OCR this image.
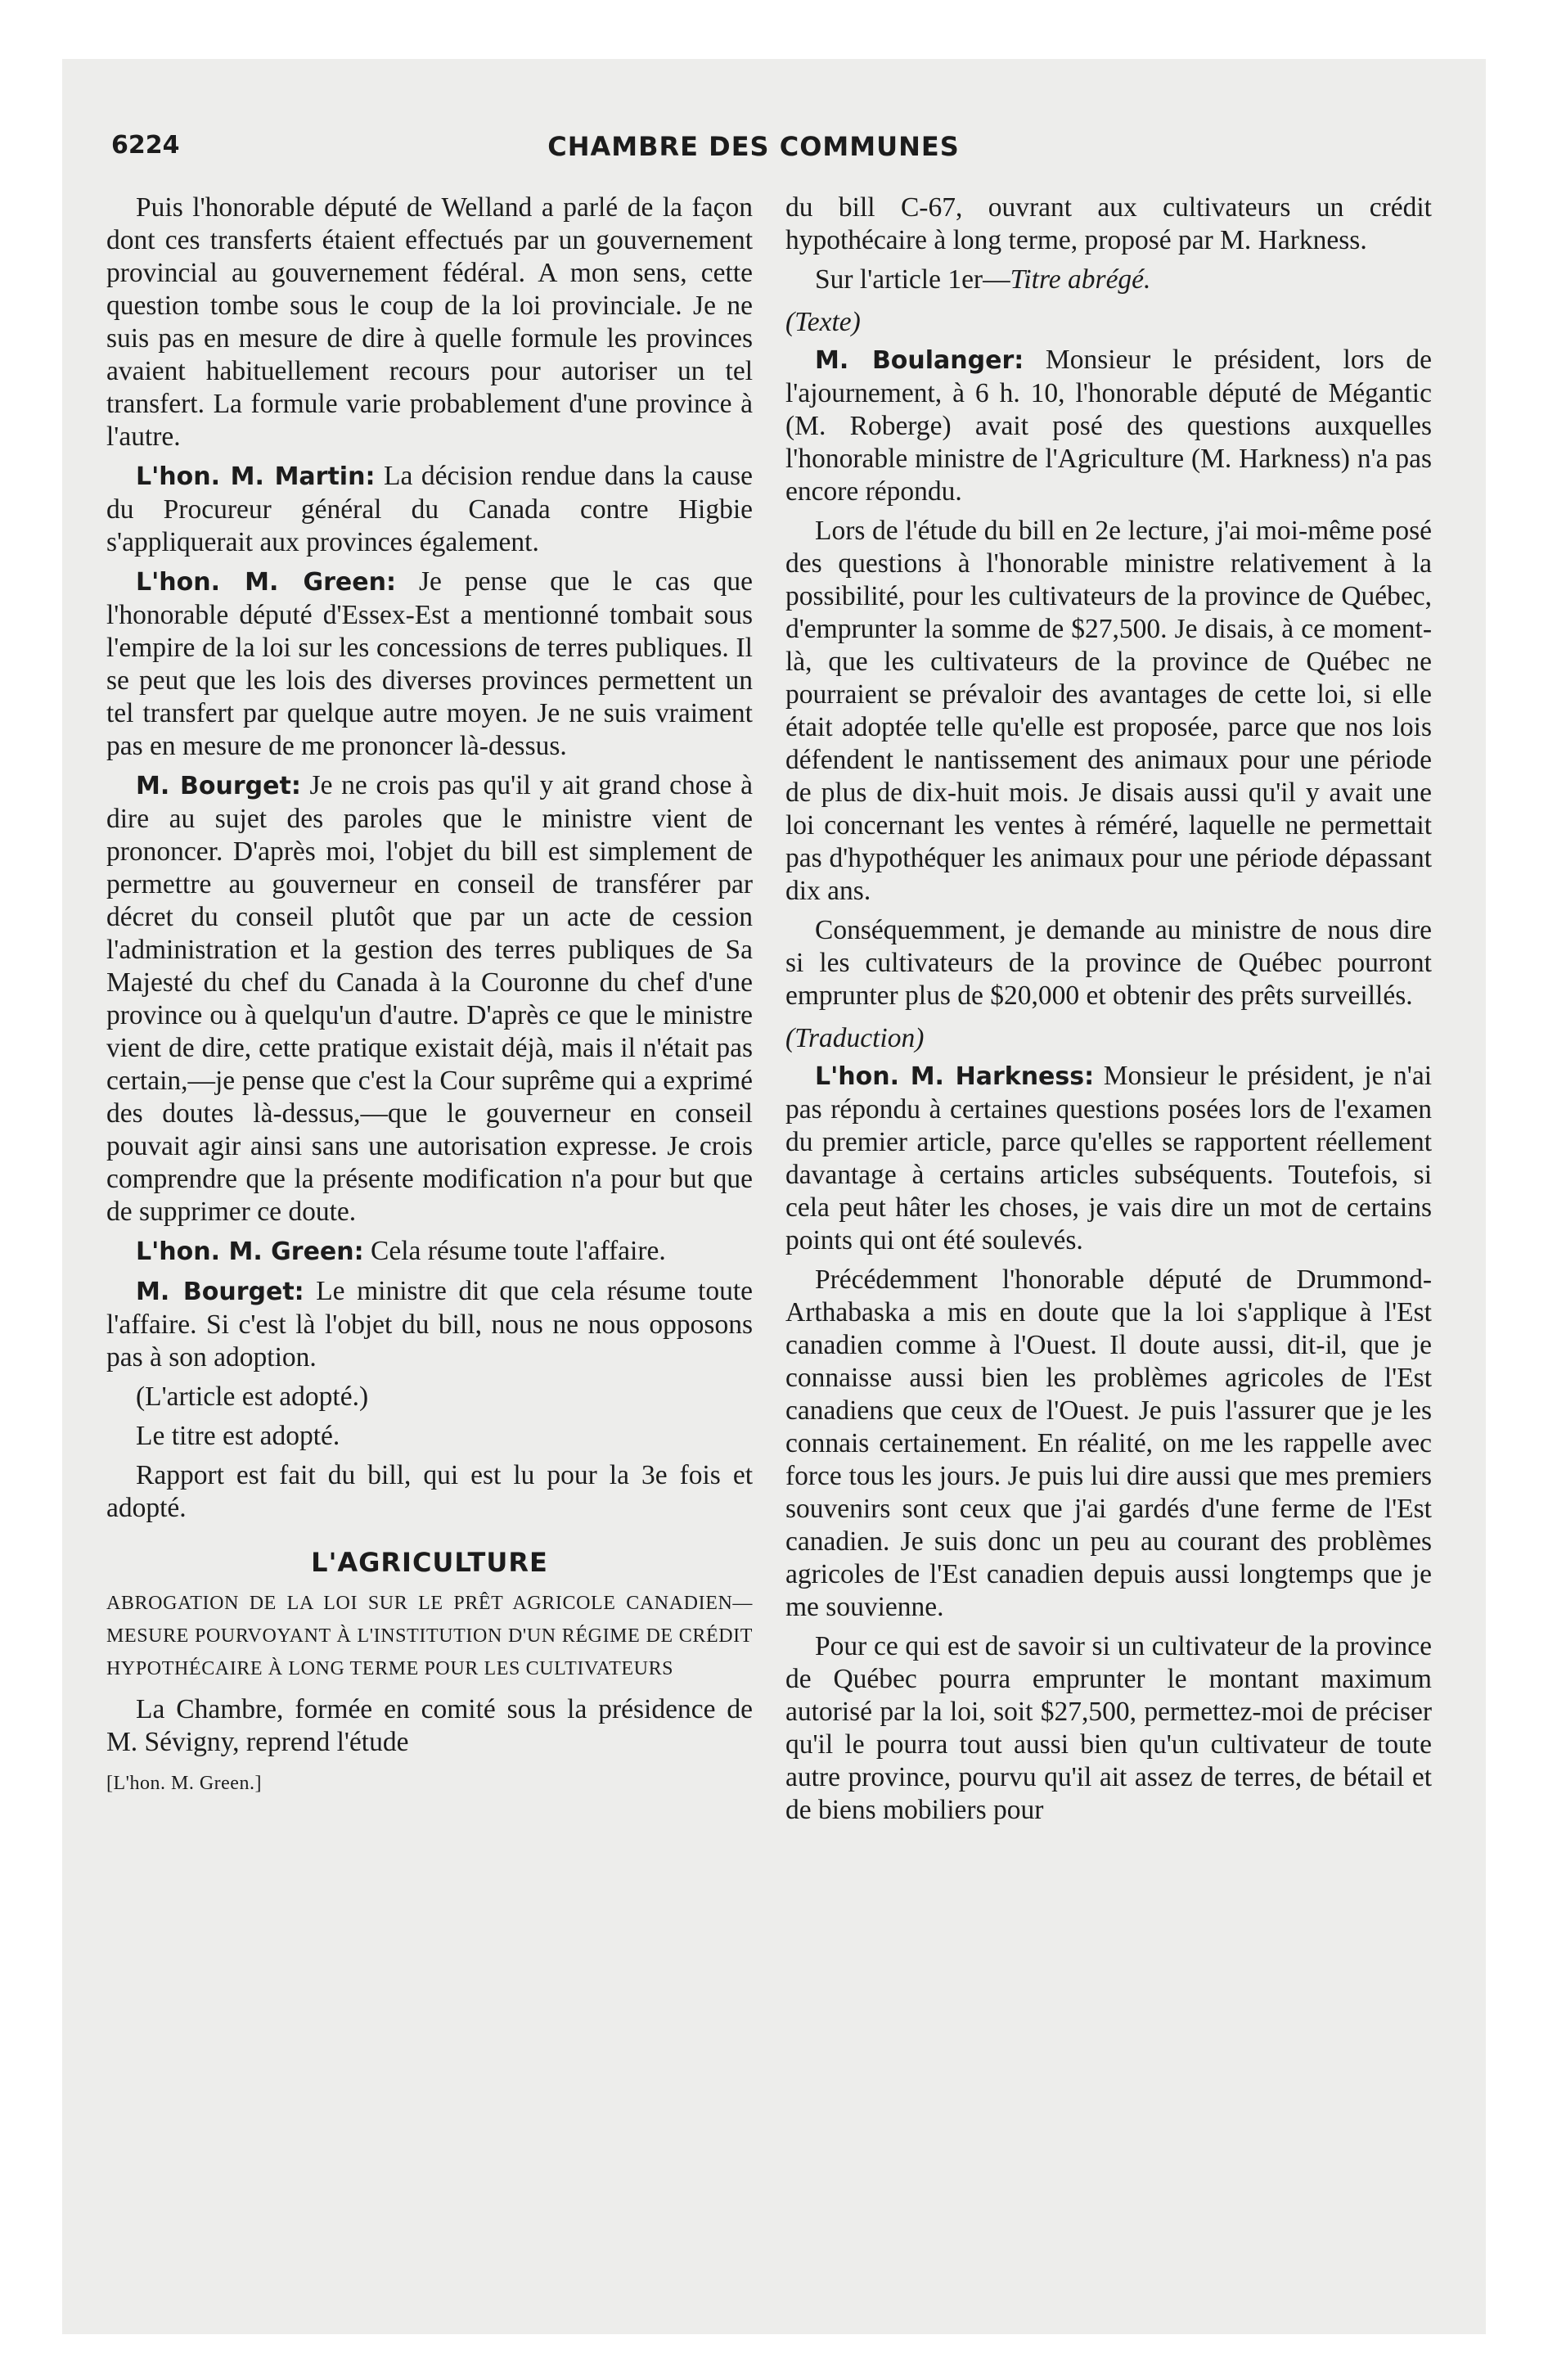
6224	CHAMBRE DES COMMUNES

Puis l'honorable député de Welland a parlé de la façon dont ces transferts étaient effectués par un gouvernement provincial au gouvernement fédéral. A mon sens, cette question tombe sous le coup de la loi provinciale. Je ne suis pas en mesure de dire à quelle formule les provinces avaient habituellement recours pour autoriser un tel transfert. La formule varie probablement d'une province à l'autre.

L'hon. M. Martin: La décision rendue dans la cause du Procureur général du Canada contre Higbie s'appliquerait aux provinces également.

L'hon. M. Green: Je pense que le cas que l'honorable député d'Essex-Est a mentionné tombait sous l'empire de la loi sur les concessions de terres publiques. Il se peut que les lois des diverses provinces permettent un tel transfert par quelque autre moyen. Je ne suis vraiment pas en mesure de me prononcer là-dessus.

M. Bourget: Je ne crois pas qu'il y ait grand chose à dire au sujet des paroles que le ministre vient de prononcer. D'après moi, l'objet du bill est simplement de permettre au gouverneur en conseil de transférer par décret du conseil plutôt que par un acte de cession l'administration et la gestion des terres publiques de Sa Majesté du chef du Canada à la Couronne du chef d'une province ou à quelqu'un d'autre. D'après ce que le ministre vient de dire, cette pratique existait déjà, mais il n'était pas certain,—je pense que c'est la Cour suprême qui a exprimé des doutes là-dessus,—que le gouverneur en conseil pouvait agir ainsi sans une autorisation expresse. Je crois comprendre que la présente modification n'a pour but que de supprimer ce doute.

L'hon. M. Green: Cela résume toute l'affaire.

M. Bourget: Le ministre dit que cela résume toute l'affaire. Si c'est là l'objet du bill, nous ne nous opposons pas à son adoption.

(L'article est adopté.)

Le titre est adopté.

Rapport est fait du bill, qui est lu pour la 3e fois et adopté.

L'AGRICULTURE
ABROGATION DE LA LOI SUR LE PRÊT AGRICOLE CANADIEN—MESURE POURVOYANT À L'INSTITUTION D'UN RÉGIME DE CRÉDIT HYPOTHÉCAIRE À LONG TERME POUR LES CULTIVATEURS

La Chambre, formée en comité sous la présidence de M. Sévigny, reprend l'étude

[L'hon. M. Green.]

du bill C-67, ouvrant aux cultivateurs un crédit hypothécaire à long terme, proposé par M. Harkness.

Sur l'article 1er—Titre abrégé.

(Texte)

M. Boulanger: Monsieur le président, lors de l'ajournement, à 6 h. 10, l'honorable député de Mégantic (M. Roberge) avait posé des questions auxquelles l'honorable ministre de l'Agriculture (M. Harkness) n'a pas encore répondu.

Lors de l'étude du bill en 2e lecture, j'ai moi-même posé des questions à l'honorable ministre relativement à la possibilité, pour les cultivateurs de la province de Québec, d'emprunter la somme de $27,500. Je disais, à ce moment-là, que les cultivateurs de la province de Québec ne pourraient se prévaloir des avantages de cette loi, si elle était adoptée telle qu'elle est proposée, parce que nos lois défendent le nantissement des animaux pour une période de plus de dix-huit mois. Je disais aussi qu'il y avait une loi concernant les ventes à réméré, laquelle ne permettait pas d'hypothéquer les animaux pour une période dépassant dix ans.

Conséquemment, je demande au ministre de nous dire si les cultivateurs de la province de Québec pourront emprunter plus de $20,000 et obtenir des prêts surveillés.

(Traduction)

L'hon. M. Harkness: Monsieur le président, je n'ai pas répondu à certaines questions posées lors de l'examen du premier article, parce qu'elles se rapportent réellement davantage à certains articles subséquents. Toutefois, si cela peut hâter les choses, je vais dire un mot de certains points qui ont été soulevés.

Précédemment l'honorable député de Drummond-Arthabaska a mis en doute que la loi s'applique à l'Est canadien comme à l'Ouest. Il doute aussi, dit-il, que je connaisse aussi bien les problèmes agricoles de l'Est canadiens que ceux de l'Ouest. Je puis l'assurer que je les connais certainement. En réalité, on me les rappelle avec force tous les jours. Je puis lui dire aussi que mes premiers souvenirs sont ceux que j'ai gardés d'une ferme de l'Est canadien. Je suis donc un peu au courant des problèmes agricoles de l'Est canadien depuis aussi longtemps que je me souvienne.

Pour ce qui est de savoir si un cultivateur de la province de Québec pourra emprunter le montant maximum autorisé par la loi, soit $27,500, permettez-moi de préciser qu'il le pourra tout aussi bien qu'un cultivateur de toute autre province, pourvu qu'il ait assez de terres, de bétail et de biens mobiliers pour
